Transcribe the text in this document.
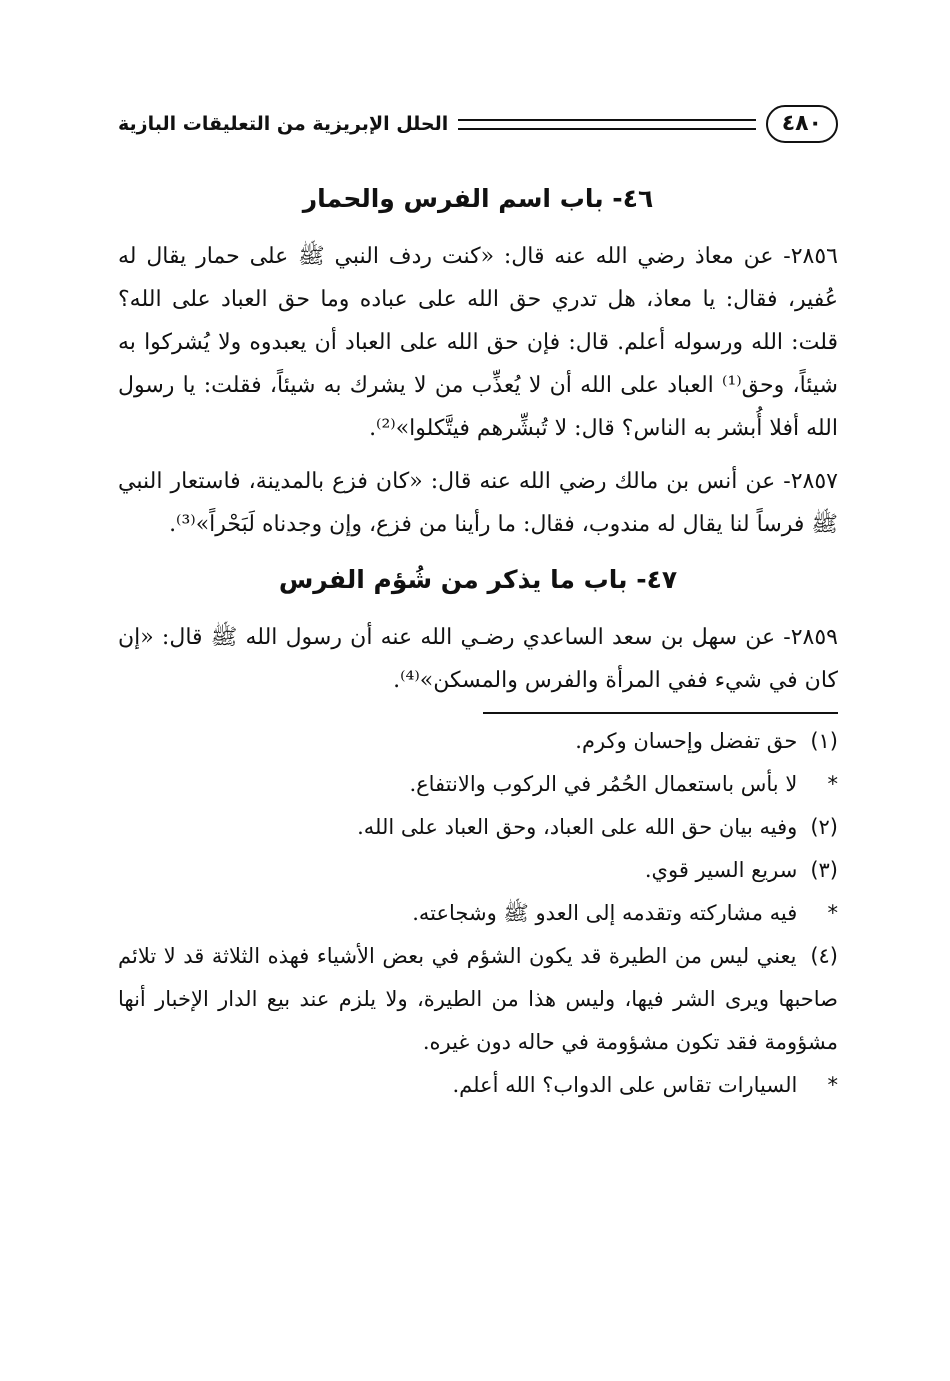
٤٨٠
الحلل الإبريزية من التعليقات البازية
٤٦- باب اسم الفرس والحمار

٢٨٥٦- عن معاذ رضي الله عنه قال: «كنت ردف النبي ﷺ على حمار يقال له عُفير، فقال: يا معاذ، هل تدري حق الله على عباده وما حق العباد على الله؟ قلت: الله ورسوله أعلم. قال: فإن حق الله على العباد أن يعبدوه ولا يُشركوا به شيئاً، وحق⁽¹⁾ العباد على الله أن لا يُعذِّب من لا يشرك به شيئاً، فقلت: يا رسول الله أفلا أُبشر به الناس؟ قال: لا تُبشِّرهم فيتَّكلوا»⁽²⁾.

٢٨٥٧- عن أنس بن مالك رضي الله عنه قال: «كان فزع بالمدينة، فاستعار النبي ﷺ فرساً لنا يقال له مندوب، فقال: ما رأينا من فزع، وإن وجدناه لَبَحْراً»⁽³⁾.

٤٧- باب ما يذكر من شُؤم الفرس

٢٨٥٩- عن سهل بن سعد الساعدي رضـي الله عنه أن رسول الله ﷺ قال: «إن كان في شيء ففي المرأة والفرس والمسكن»⁽⁴⁾.

(١) حق تفضل وإحسان وكرم.

* لا بأس باستعمال الحُمُر في الركوب والانتفاع.

(٢) وفيه بيان حق الله على العباد، وحق العباد على الله.

(٣) سريع السير قوي.

* فيه مشاركته وتقدمه إلى العدو ﷺ وشجاعته.

(٤) يعني ليس من الطيرة قد يكون الشؤم في بعض الأشياء فهذه الثلاثة قد لا تلائم صاحبها ويرى الشر فيها، وليس هذا من الطيرة، ولا يلزم عند بيع الدار الإخبار أنها مشؤومة فقد تكون مشؤومة في حاله دون غيره.

* السيارات تقاس على الدواب؟ الله أعلم.
